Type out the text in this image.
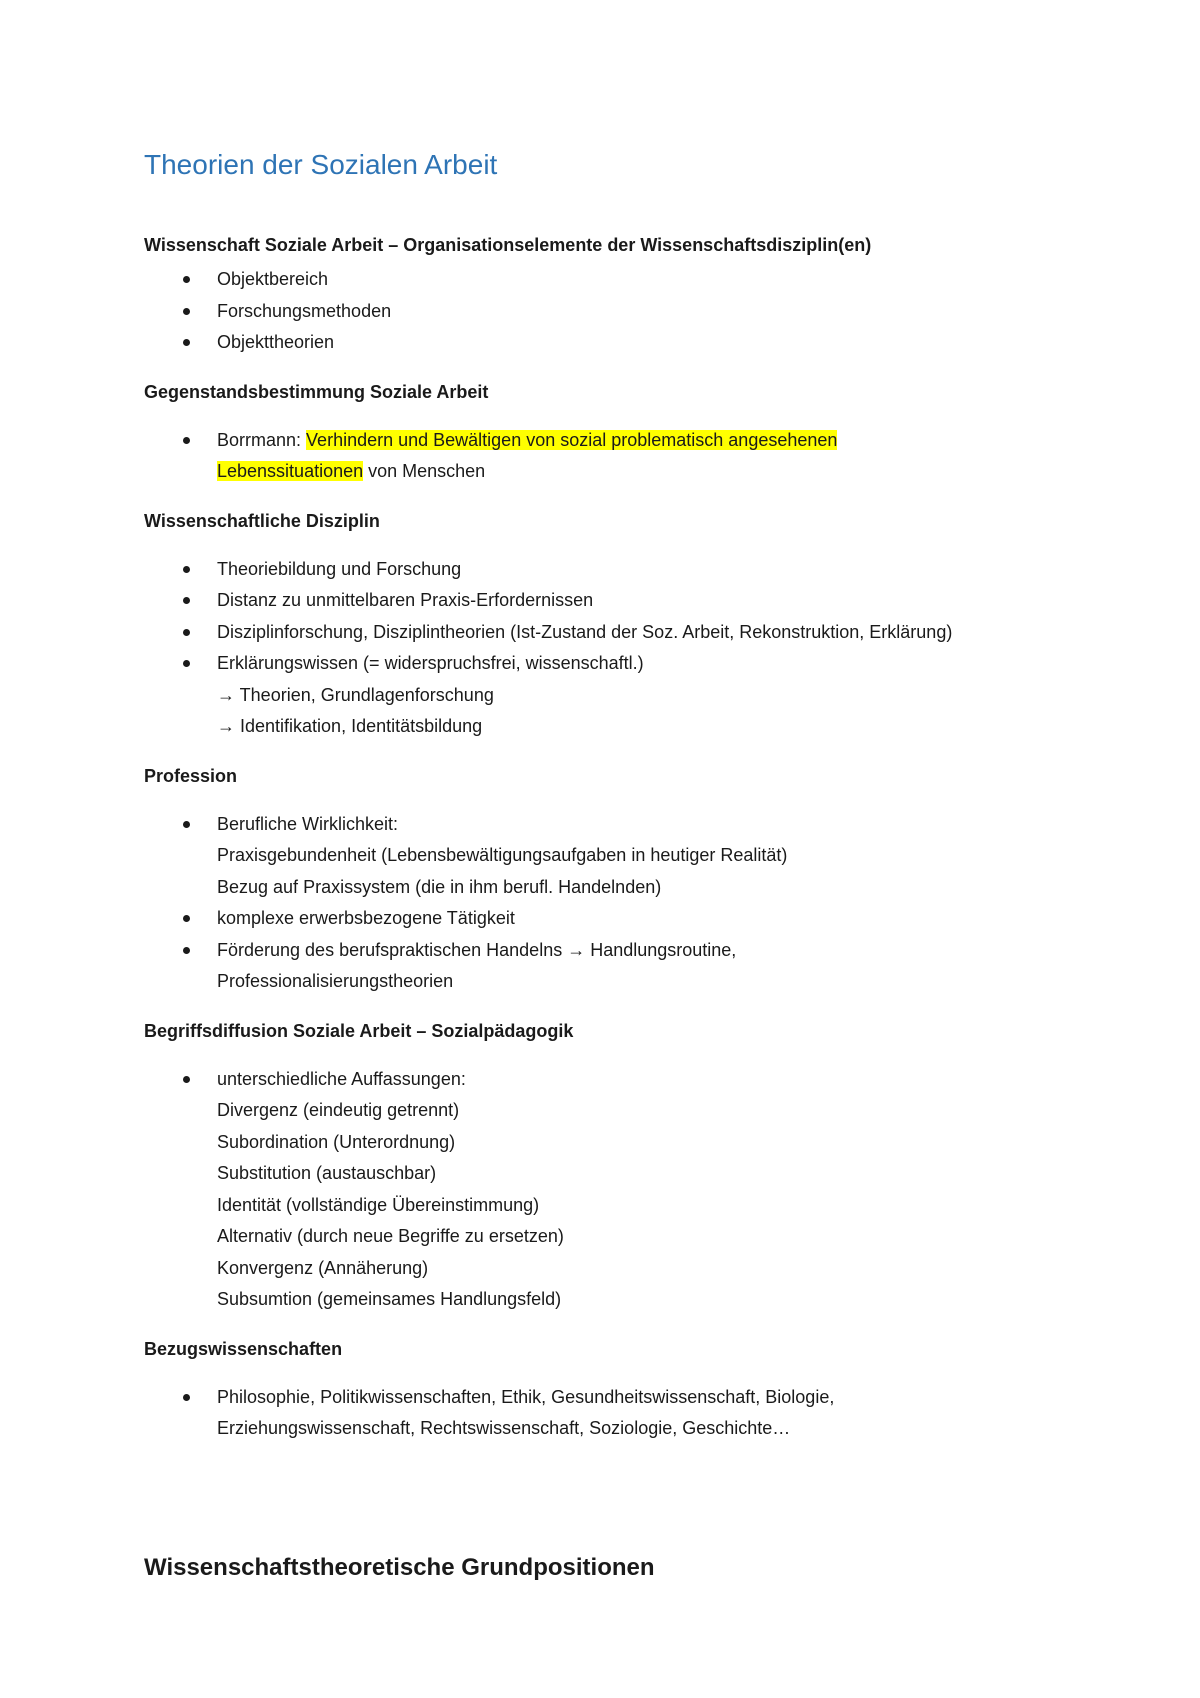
Theorien der Sozialen Arbeit
Wissenschaft Soziale Arbeit – Organisationselemente der Wissenschaftsdisziplin(en)
Objektbereich
Forschungsmethoden
Objekttheorien
Gegenstandsbestimmung Soziale Arbeit
Borrmann: Verhindern und Bewältigen von sozial problematisch angesehenen
Lebenssituationen von Menschen
Wissenschaftliche Disziplin
Theoriebildung und Forschung
Distanz zu unmittelbaren Praxis-Erfordernissen
Disziplinforschung, Disziplintheorien (Ist-Zustand der Soz. Arbeit, Rekonstruktion, Erklärung)
Erklärungswissen (= widerspruchsfrei, wissenschaftl.)
→ Theorien, Grundlagenforschung
→ Identifikation, Identitätsbildung
Profession
Berufliche Wirklichkeit:
Praxisgebundenheit (Lebensbewältigungsaufgaben in heutiger Realität)
Bezug auf Praxissystem (die in ihm berufl. Handelnden)
komplexe erwerbsbezogene Tätigkeit
Förderung des berufspraktischen Handelns → Handlungsroutine,
Professionalisierungstheorien
Begriffsdiffusion Soziale Arbeit – Sozialpädagogik
unterschiedliche Auffassungen:
Divergenz (eindeutig getrennt)
Subordination (Unterordnung)
Substitution (austauschbar)
Identität (vollständige Übereinstimmung)
Alternativ (durch neue Begriffe zu ersetzen)
Konvergenz (Annäherung)
Subsumtion (gemeinsames Handlungsfeld)
Bezugswissenschaften
Philosophie, Politikwissenschaften, Ethik, Gesundheitswissenschaft, Biologie,
Erziehungswissenschaft, Rechtswissenschaft, Soziologie, Geschichte…
Wissenschaftstheoretische Grundpositionen
